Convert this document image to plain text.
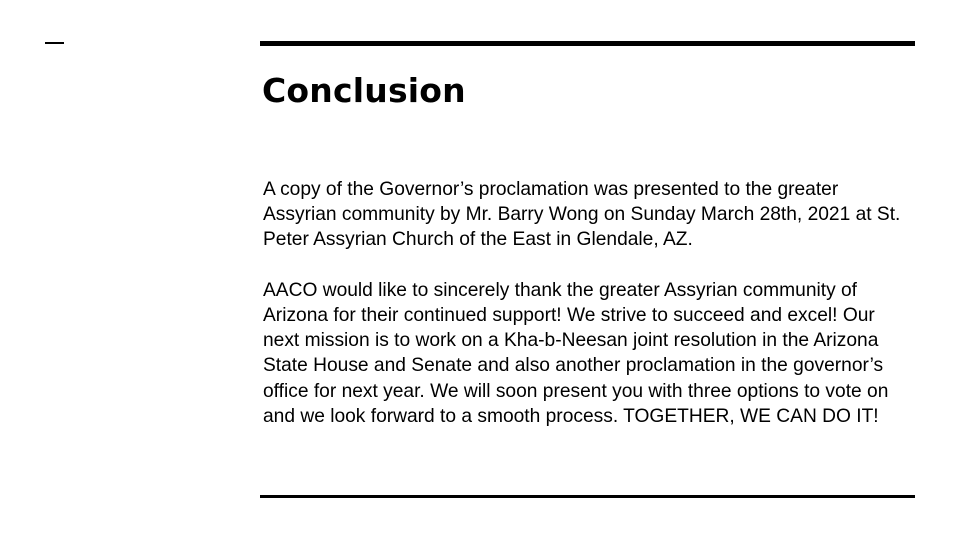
Conclusion

A copy of the Governor’s proclamation was presented to the greater Assyrian community by Mr. Barry Wong on Sunday March 28th, 2021 at St. Peter Assyrian Church of the East in Glendale, AZ.

AACO would like to sincerely thank the greater Assyrian community of Arizona for their continued support! We strive to succeed and excel! Our next mission is to work on a Kha-b-Neesan joint resolution in the Arizona State House and Senate and also another proclamation in the governor’s office for next year. We will soon present you with three options to vote on and we look forward to a smooth process. TOGETHER, WE CAN DO IT!
